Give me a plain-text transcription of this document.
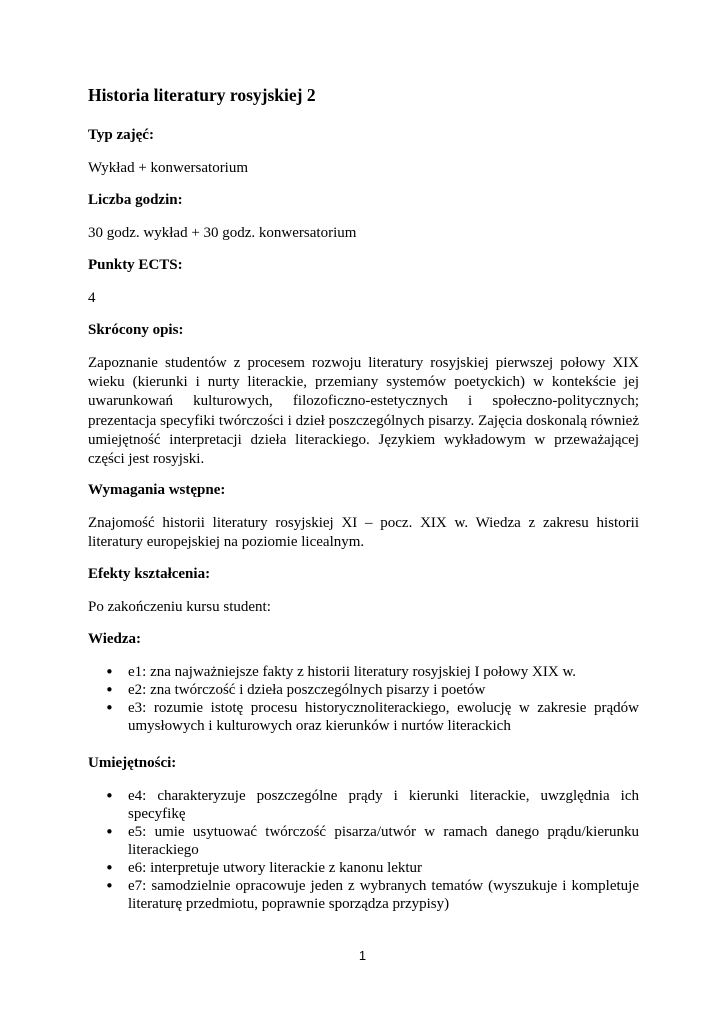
Historia literatury rosyjskiej 2
Typ zajęć:
Wykład + konwersatorium
Liczba godzin:
30 godz. wykład + 30 godz. konwersatorium
Punkty ECTS:
4
Skrócony opis:
Zapoznanie studentów z procesem rozwoju literatury rosyjskiej pierwszej połowy XIX wieku (kierunki i nurty literackie, przemiany systemów poetyckich) w kontekście jej uwarunkowań kulturowych, filozoficzno-estetycznych i społeczno-politycznych; prezentacja specyfiki twórczości i dzieł poszczególnych pisarzy. Zajęcia doskonalą również umiejętność interpretacji dzieła literackiego. Językiem wykładowym w przeważającej części jest rosyjski.
Wymagania wstępne:
Znajomość historii literatury rosyjskiej XI – pocz. XIX w. Wiedza z zakresu historii literatury europejskiej na poziomie licealnym.
Efekty kształcenia:
Po zakończeniu kursu student:
Wiedza:
• e1: zna najważniejsze fakty z historii literatury rosyjskiej I połowy XIX w.
• e2: zna twórczość i dzieła poszczególnych pisarzy i poetów
• e3: rozumie istotę procesu historycznoliterackiego, ewolucję w zakresie prądów umysłowych i kulturowych oraz kierunków i nurtów literackich
Umiejętności:
• e4: charakteryzuje poszczególne prądy i kierunki literackie, uwzględnia ich specyfikę
• e5: umie usytuować twórczość pisarza/utwór w ramach danego prądu/kierunku literackiego
• e6: interpretuje utwory literackie z kanonu lektur
• e7: samodzielnie opracowuje jeden z wybranych tematów (wyszukuje i kompletuje literaturę przedmiotu, poprawnie sporządza przypisy)
1
